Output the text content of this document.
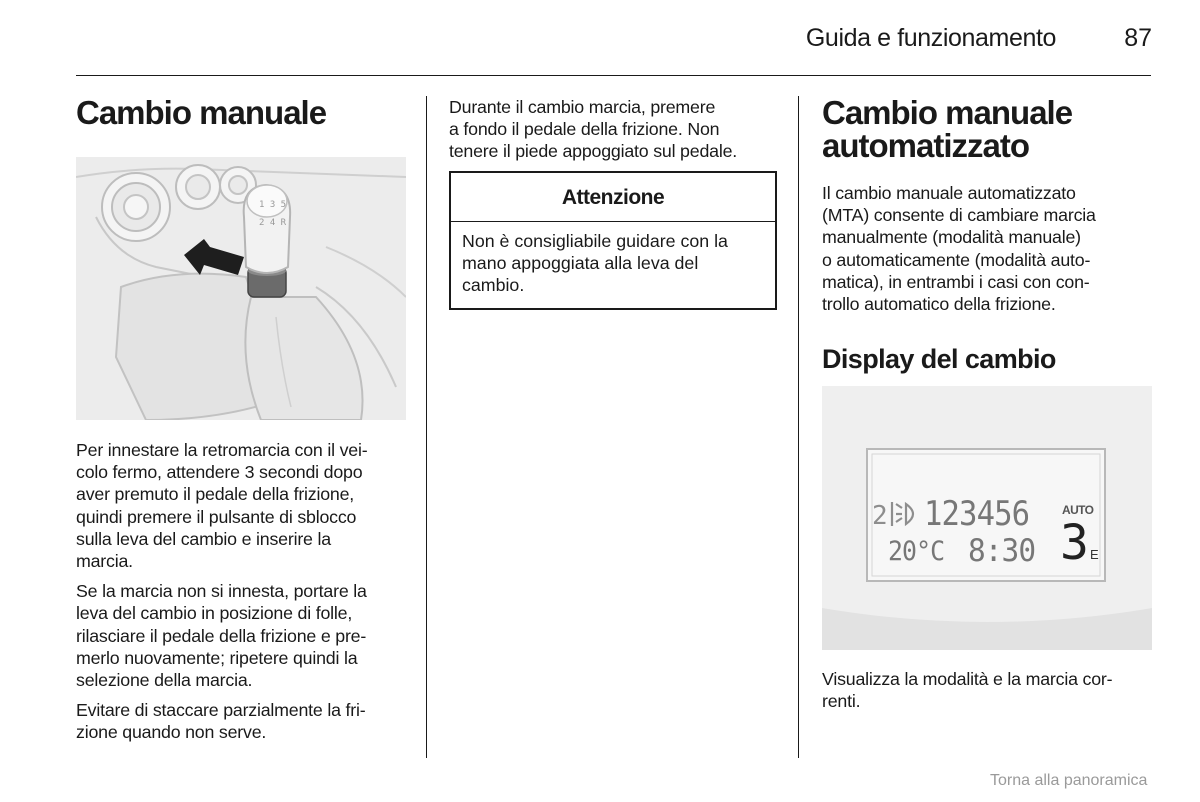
Guida e funzionamento	87
Cambio manuale
1 3 5
2 4 R

Per innestare la retromarcia con il vei-
colo fermo, attendere 3 secondi dopo
aver premuto il pedale della frizione,
quindi premere il pulsante di sblocco
sulla leva del cambio e inserire la
marcia.

Se la marcia non si innesta, portare la
leva del cambio in posizione di folle,
rilasciare il pedale della frizione e pre-
merlo nuovamente; ripetere quindi la
selezione della marcia.

Evitare di staccare parzialmente la fri-
zione quando non serve.

Durante il cambio marcia, premere
a fondo il pedale della frizione. Non
tenere il piede appoggiato sul pedale.

Attenzione
Non è consigliabile guidare con la
mano appoggiata alla leva del
cambio.
Cambio manuale
automatizzato

Il cambio manuale automatizzato
(MTA) consente di cambiare marcia
manualmente (modalità manuale)
o automaticamente (modalità auto-
matica), in entrambi i casi con con-
trollo automatico della frizione.

Display del cambio
2 123456	AUTO
20°C 8:30 3 E

Visualizza la modalità e la marcia cor-
renti.

Torna alla panoramica
